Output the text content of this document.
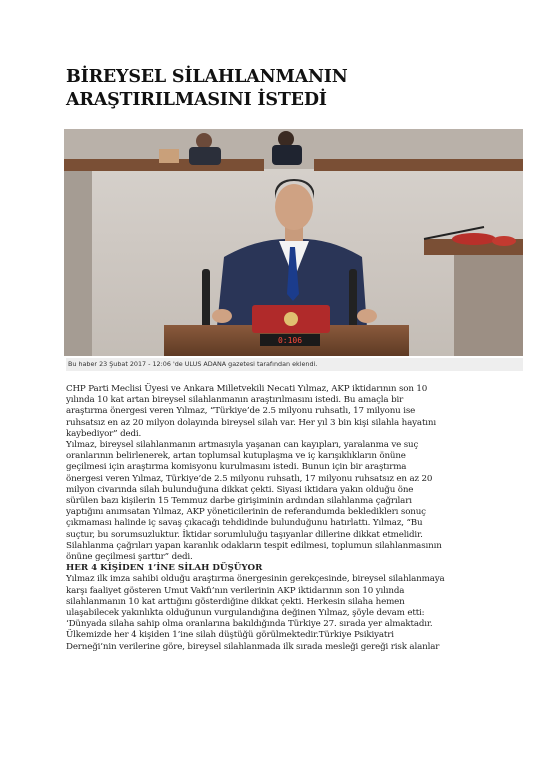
BİREYSEL SİLAHLANMANIN
ARAŞTIRILMASINI İSTEDİ
0:106
Bu haber 23 Şubat 2017 - 12:06 'de ULUS ADANA gazetesi tarafından eklendi.
CHP Parti Meclisi Üyesi ve Ankara Milletvekili Necati Yılmaz, AKP iktidarının son 10
yılında 10 kat artan bireysel silahlanmanın araştırılmasını istedi. Bu amaçla bir
araştırma önergesi veren Yılmaz, “Türkiye’de 2.5 milyonu ruhsatlı, 17 milyonu ise
ruhsatsız en az 20 milyon dolayında bireysel silah var. Her yıl 3 bin kişi silahla hayatını
kaybediyor” dedi.
Yılmaz, bireysel silahlanmanın artmasıyla yaşanan can kayıpları, yaralanma ve suç
oranlarının belirlenerek, artan toplumsal kutuplaşma ve iç karışıklıkların önüne
geçilmesi için araştırma komisyonu kurulmasını istedi. Bunun için bir araştırma
önergesi veren Yılmaz, Türkiye’de 2.5 milyonu ruhsatlı, 17 milyonu ruhsatsız en az 20
milyon civarında silah bulunduğuna dikkat çekti. Siyasi iktidara yakın olduğu öne
sürülen bazı kişilerin 15 Temmuz darbe girişiminin ardından silahlanma çağrıları
yaptığını anımsatan Yılmaz, AKP yöneticilerinin de referandumda beklediklerı sonuç
çıkmaması halinde iç savaş çıkacağı tehdidinde bulunduğunu hatırlattı. Yılmaz, “Bu
suçtur, bu sorumsuzluktur. İktidar sorumluluğu taşıyanlar dillerine dikkat etmelidir.
Silahlanma çağrıları yapan karanlık odakların tespit edilmesi, toplumun silahlanmasının
önüne geçilmesi şarttır” dedi.
HER 4 KİŞİDEN 1’İNE SİLAH DÜŞÜYOR
Yılmaz ilk imza sahibi olduğu araştırma önergesinin gerekçesinde, bireysel silahlanmaya
karşı faaliyet gösteren Umut Vakfı’nın verilerinin AKP iktidarının son 10 yılında
silahlanmanın 10 kat arttığını gösterdiğine dikkat çekti. Herkesin silaha hemen
ulaşabilecek yakınlıkta olduğunun vurgulandığına değinen Yılmaz, şöyle devam etti:
‘Dünyada silaha sahip olma oranlarına bakıldığında Türkiye 27. sırada yer almaktadır.
Ülkemizde her 4 kişiden 1’ine silah düştüğü görülmektedir.Türkiye Psikiyatri
Derneği’nin verilerine göre, bireysel silahlanmada ilk sırada mesleği gereği risk alanlar
